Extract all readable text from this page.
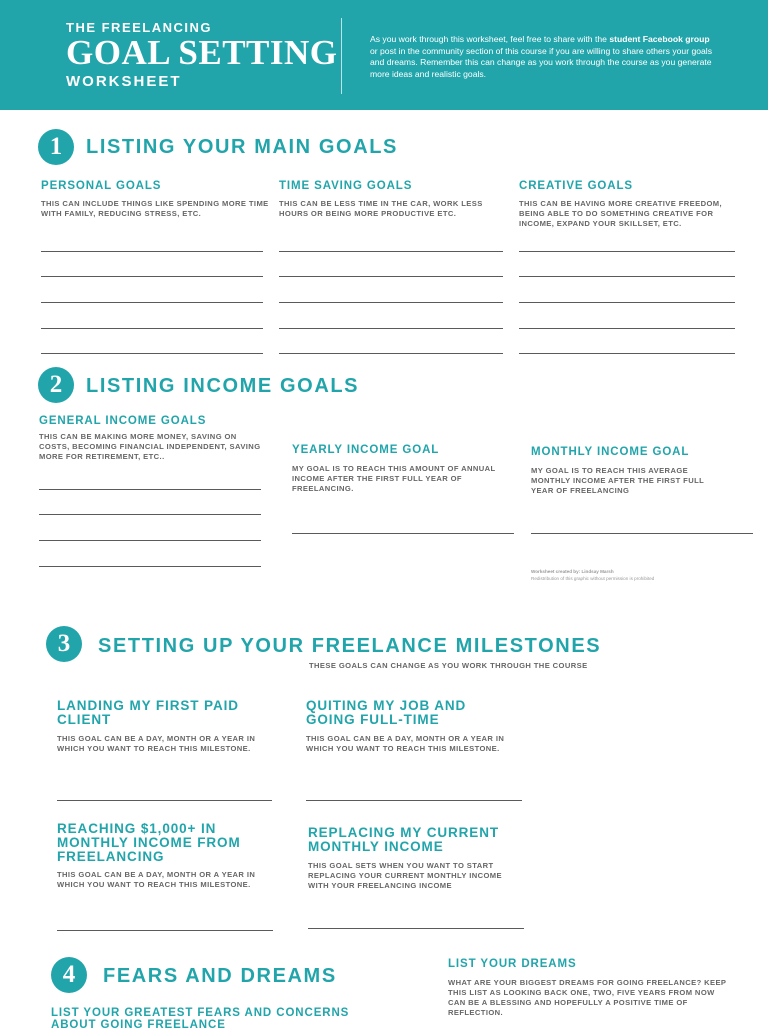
THE FREELANCING
GOAL SETTING
WORKSHEET
As you work through this worksheet, feel free to share with the student Facebook group or post in the community section of this course if you are willing to share others your goals and dreams. Remember this can change as you work through the course as you generate more ideas and realistic goals.
1	LISTING YOUR MAIN GOALS
PERSONAL GOALS
THIS CAN INCLUDE THINGS LIKE SPENDING MORE TIME WITH FAMILY, REDUCING STRESS, ETC.
TIME SAVING GOALS
THIS CAN BE LESS TIME IN THE CAR, WORK LESS HOURS OR BEING MORE PRODUCTIVE ETC.
CREATIVE GOALS
THIS CAN BE HAVING MORE CREATIVE FREEDOM, BEING ABLE TO DO SOMETHING CREATIVE FOR INCOME, EXPAND YOUR SKILLSET, ETC.
2	LISTING INCOME GOALS
GENERAL INCOME GOALS
THIS CAN BE MAKING MORE MONEY, SAVING ON COSTS, BECOMING FINANCIAL INDEPENDENT, SAVING MORE FOR RETIREMENT, ETC..
YEARLY INCOME GOAL
MY GOAL IS TO REACH THIS AMOUNT OF ANNUAL INCOME AFTER THE FIRST FULL YEAR OF FREELANCING.
MONTHLY INCOME GOAL
MY GOAL IS TO REACH THIS AVERAGE MONTHLY INCOME AFTER THE FIRST FULL YEAR OF FREELANCING
Worksheet created by: Lindsay Marsh
Redistribution of this graphic without permission is prohibited
3	SETTING UP YOUR FREELANCE MILESTONES
THESE GOALS CAN CHANGE AS YOU WORK THROUGH THE COURSE
LANDING MY FIRST PAID CLIENT
THIS GOAL CAN BE A DAY, MONTH OR A YEAR IN WHICH YOU WANT TO REACH THIS MILESTONE.
QUITING MY JOB AND GOING FULL-TIME
THIS GOAL CAN BE A DAY, MONTH OR A YEAR IN WHICH YOU WANT TO REACH THIS MILESTONE.
REACHING $1,000+ IN MONTHLY INCOME FROM FREELANCING
THIS GOAL CAN BE A DAY, MONTH OR A YEAR IN WHICH YOU WANT TO REACH THIS MILESTONE.
REPLACING MY CURRENT MONTHLY INCOME
THIS GOAL SETS WHEN YOU WANT TO START REPLACING YOUR CURRENT MONTHLY INCOME WITH YOUR FREELANCING INCOME
4	FEARS AND DREAMS
LIST YOUR GREATEST FEARS AND CONCERNS ABOUT GOING FREELANCE
LIST YOUR DREAMS
WHAT ARE YOUR BIGGEST DREAMS FOR GOING FREELANCE? KEEP THIS LIST AS LOOKING BACK ONE, TWO, FIVE YEARS FROM NOW CAN BE A BLESSING AND HOPEFULLY A POSITIVE TIME OF REFLECTION.
